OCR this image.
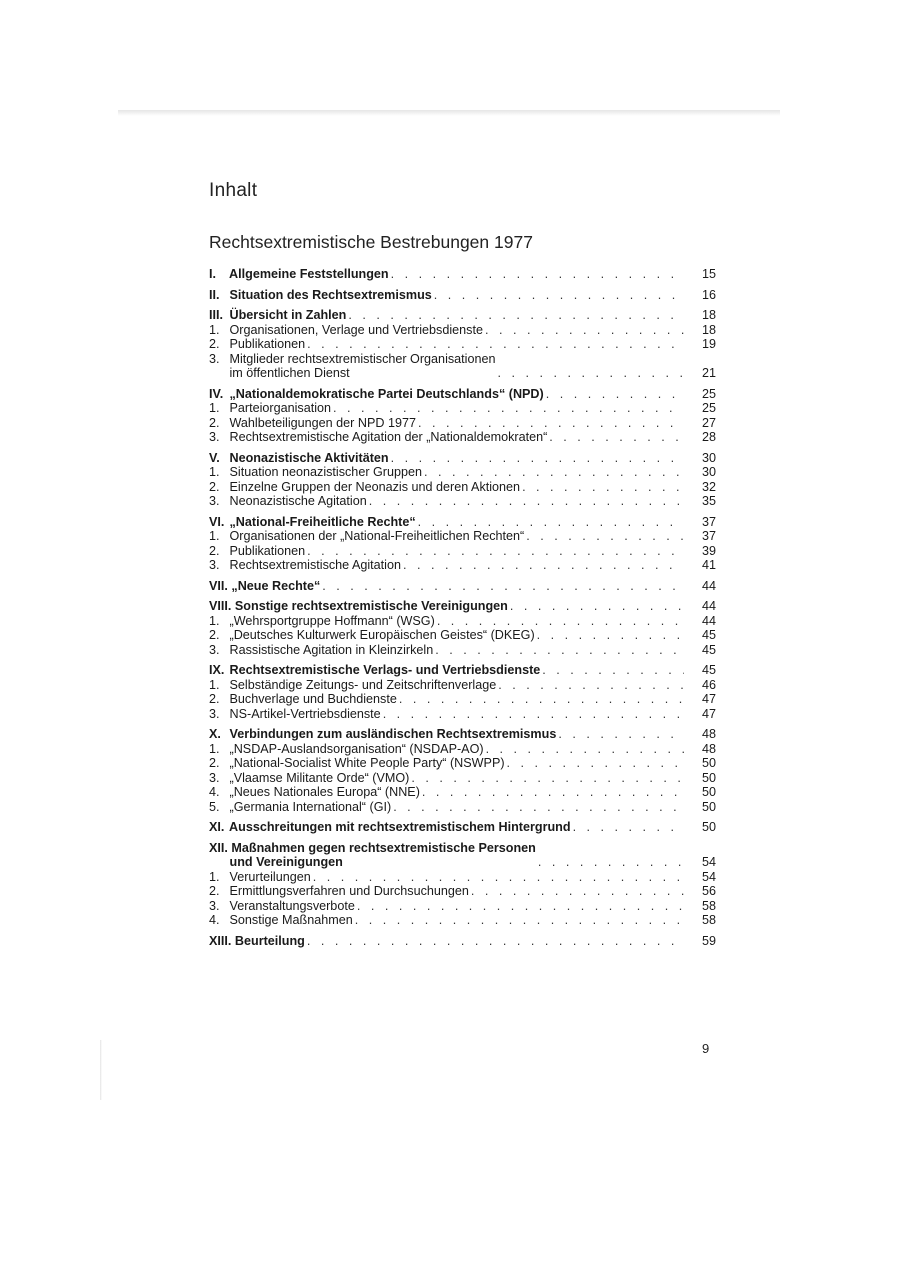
Inhalt
Rechtsextremistische Bestrebungen 1977
I. Allgemeine Feststellungen . . .	15
II. Situation des Rechtsextremismus . . .	16
III. Übersicht in Zahlen . . .	18
1. Organisationen, Verlage und Vertriebsdienste . . .	18
2. Publikationen . . .	19
3. Mitglieder rechtsextremistischer Organisationen
im öffentlichen Dienst . . .	21
IV. „Nationaldemokratische Partei Deutschlands“ (NPD) . . .	25
1. Parteiorganisation . . .	25
2. Wahlbeteiligungen der NPD 1977 . . .	27
3. Rechtsextremistische Agitation der „Nationaldemokraten“ . . .	28
V. Neonazistische Aktivitäten . . .	30
1. Situation neonazistischer Gruppen . . .	30
2. Einzelne Gruppen der Neonazis und deren Aktionen . . .	32
3. Neonazistische Agitation . . .	35
VI. „National-Freiheitliche Rechte“ . . .	37
1. Organisationen der „National-Freiheitlichen Rechten“ . . .	37
2. Publikationen . . .	39
3. Rechtsextremistische Agitation . . .	41
VII. „Neue Rechte“ . . .	44
VIII. Sonstige rechtsextremistische Vereinigungen . . .	44
1. „Wehrsportgruppe Hoffmann“ (WSG) . . .	44
2. „Deutsches Kulturwerk Europäischen Geistes“ (DKEG) . . .	45
3. Rassistische Agitation in Kleinzirkeln . . .	45
IX. Rechtsextremistische Verlags- und Vertriebsdienste . . .	45
1. Selbständige Zeitungs- und Zeitschriftenverlage . . .	46
2. Buchverlage und Buchdienste . . .	47
3. NS-Artikel-Vertriebsdienste . . .	47
X. Verbindungen zum ausländischen Rechtsextremismus . . .	48
1. „NSDAP-Auslandsorganisation“ (NSDAP-AO) . . .	48
2. „National-Socialist White People Party“ (NSWPP) . . .	50
3. „Vlaamse Militante Orde“ (VMO) . . .	50
4. „Neues Nationales Europa“ (NNE) . . .	50
5. „Germania International“ (GI) . . .	50
XI. Ausschreitungen mit rechtsextremistischem Hintergrund . . .	50
XII. Maßnahmen gegen rechtsextremistische Personen
und Vereinigungen . . .	54
1. Verurteilungen . . .	54
2. Ermittlungsverfahren und Durchsuchungen . . .	56
3. Veranstaltungsverbote . . .	58
4. Sonstige Maßnahmen . . .	58
XIII. Beurteilung . . .	59
9
